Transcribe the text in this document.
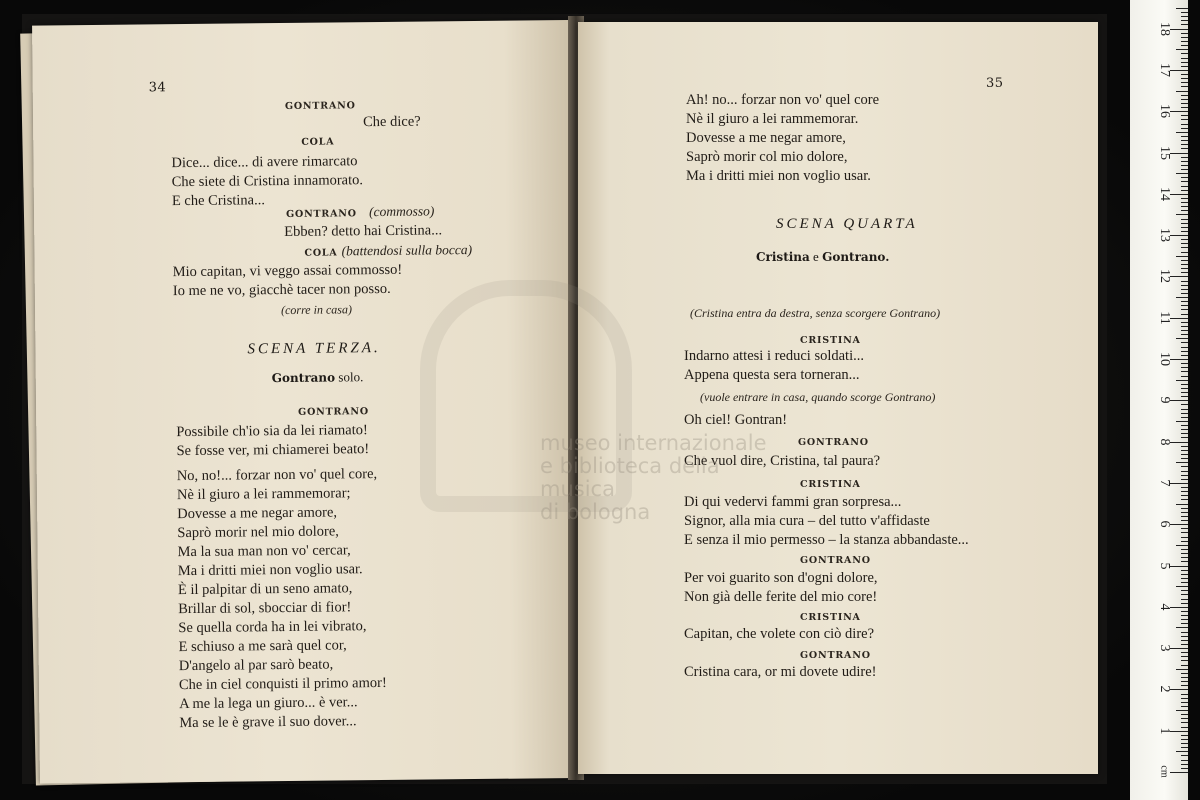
34
GONTRANO
Che dice?
COLA
Dice... dice... di avere rimarcato
Che siete di Cristina innamorato.
E che Cristina...
GONTRANO (commosso)
Ebben? detto hai Cristina...
COLA (battendosi sulla bocca)
Mio capitan, vi veggo assai commosso!
Io me ne vo, giacchè tacer non posso.
(corre in casa)
SCENA TERZA.
Gontrano solo.
GONTRANO
Possibile ch'io sia da lei riamato!
Se fosse ver, mi chiamerei beato!
No, no!... forzar non vo' quel core,
Nè il giuro a lei rammemorar;
Dovesse a me negar amore,
Saprò morir nel mio dolore,
Ma la sua man non vo' cercar,
Ma i dritti miei non voglio usar.
È il palpitar di un seno amato,
Brillar di sol, sbocciar di fior!
Se quella corda ha in lei vibrato,
E schiuso a me sarà quel cor,
D'angelo al par sarò beato,
Che in ciel conquisti il primo amor!
A me la lega un giuro... è ver...
Ma se le è grave il suo dover...
35
Ah! no... forzar non vo' quel core
Nè il giuro a lei rammemorar.
Dovesse a me negar amore,
Saprò morir col mio dolore,
Ma i dritti miei non voglio usar.
SCENA QUARTA
Cristina e Gontrano.
(Cristina entra da destra, senza scorgere Gontrano)
CRISTINA
Indarno attesi i reduci soldati...
Appena questa sera torneran...
(vuole entrare in casa, quando scorge Gontrano)
Oh ciel! Gontran!
GONTRANO
Che vuol dire, Cristina, tal paura?
CRISTINA
Di qui vedervi fammi gran sorpresa...
Signor, alla mia cura – del tutto v'affidaste
E senza il mio permesso – la stanza abbandaste...
GONTRANO
Per voi guarito son d'ogni dolore,
Non già delle ferite del mio core!
CRISTINA
Capitan, che volete con ciò dire?
GONTRANO
Cristina cara, or mi dovete udire!
museo internazionale
e biblioteca della musica
di bologna
cm
1
2
3
4
5
6
7
8
9
10
11
12
13
14
15
16
17
18
